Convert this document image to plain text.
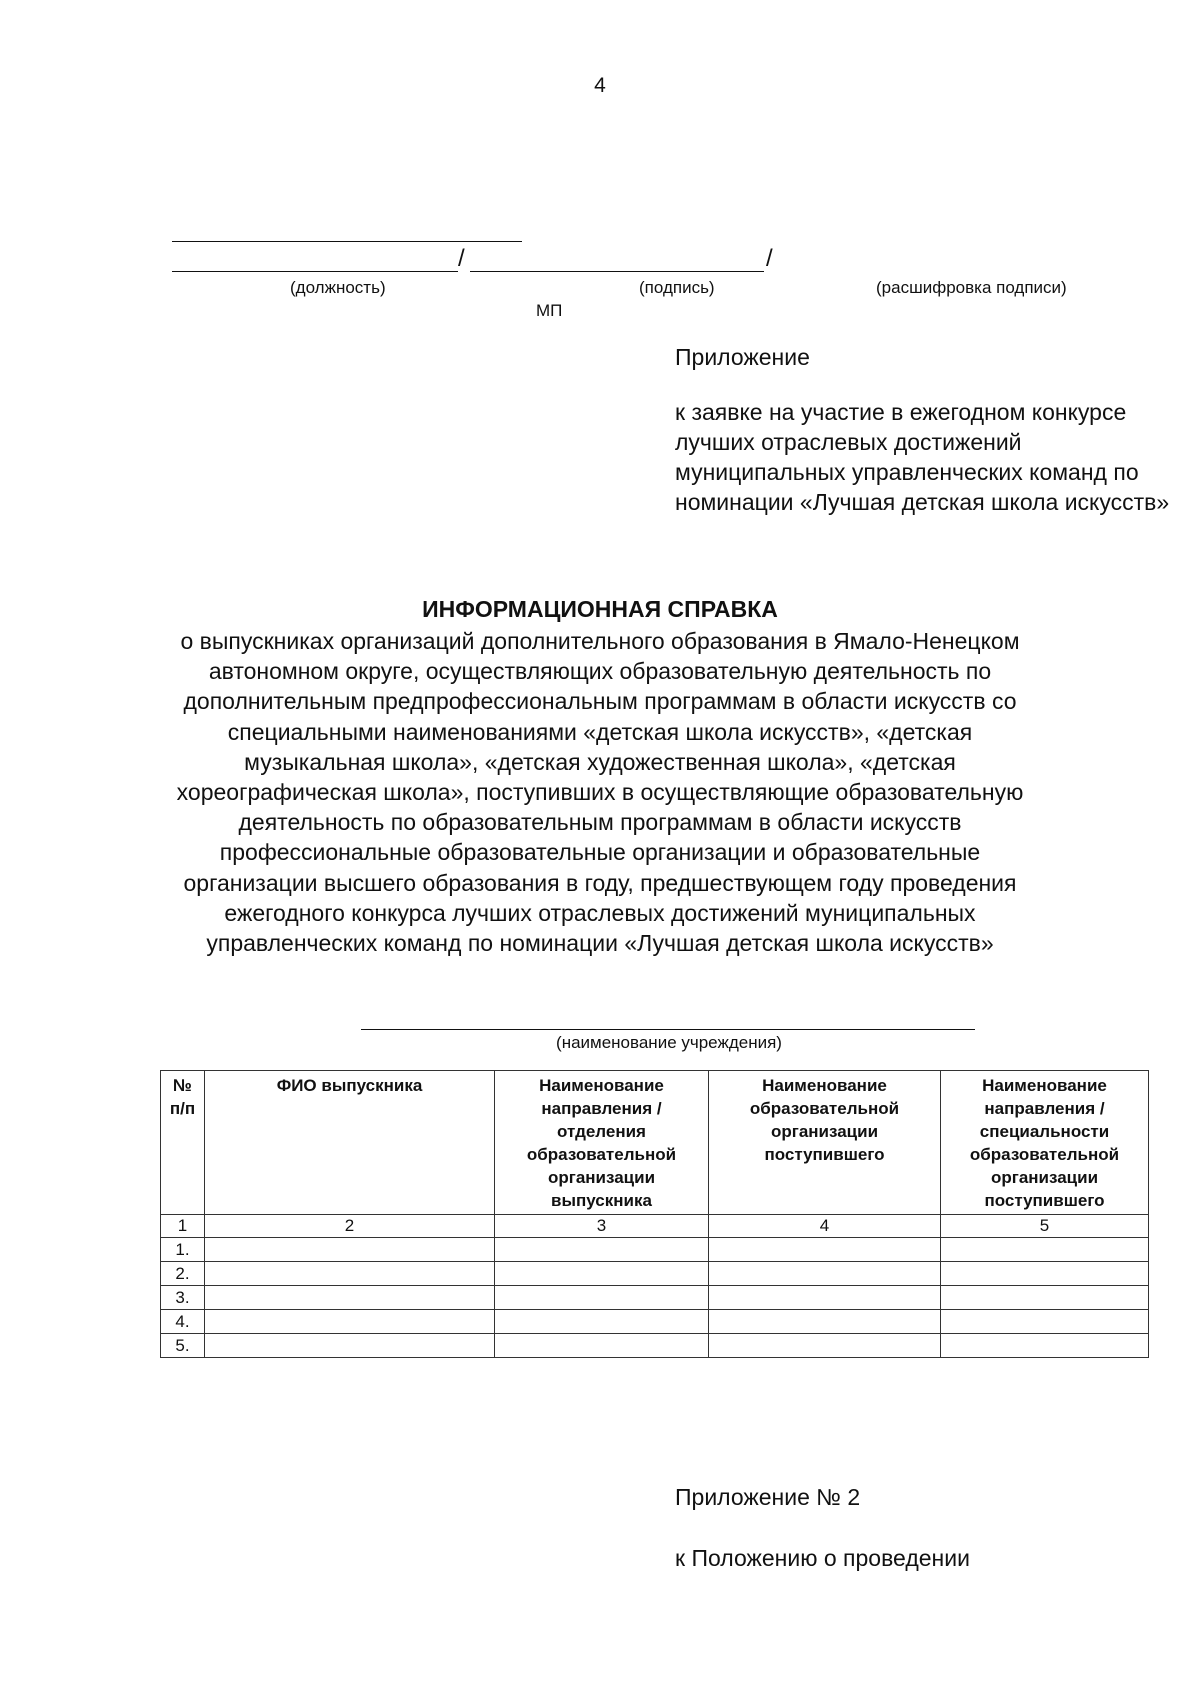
4
/	/
(должность)	(подпись)	(расшифровка подписи)
МП
Приложение
к заявке на участие в ежегодном конкурсе лучших отраслевых достижений муниципальных управленческих команд по номинации «Лучшая детская школа искусств»
ИНФОРМАЦИОННАЯ СПРАВКА
о выпускниках организаций дополнительного образования в Ямало-Ненецком автономном округе, осуществляющих образовательную деятельность по дополнительным предпрофессиональным программам в области искусств со специальными наименованиями «детская школа искусств», «детская музыкальная школа», «детская художественная школа», «детская хореографическая школа», поступивших в осуществляющие образовательную деятельность по образовательным программам в области искусств профессиональные образовательные организации и образовательные организации высшего образования в году, предшествующем году проведения ежегодного конкурса лучших отраслевых достижений муниципальных управленческих команд по номинации «Лучшая детская школа искусств»
(наименование учреждения)
№ п/п	ФИО выпускника	Наименование направления / отделения образовательной организации выпускника	Наименование образовательной организации поступившего	Наименование направления / специальности образовательной организации поступившего
1	2	3	4	5
1.				
2.				
3.				
4.				
5.				
Приложение № 2
к Положению о проведении
